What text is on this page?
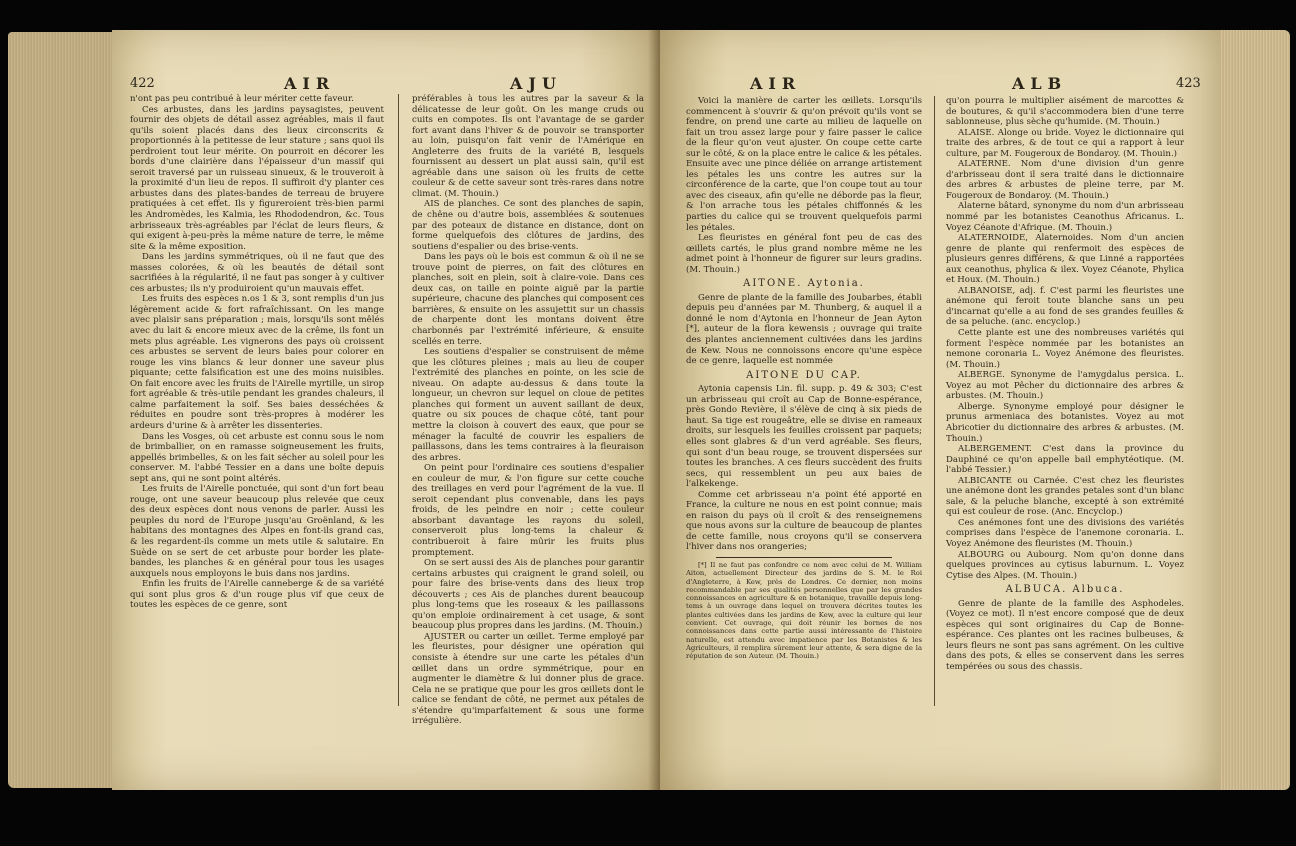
422	AIR	AJU

n'ont pas peu contribué à leur mériter cette faveur.

Ces arbustes, dans les jardins paysagistes, peuvent fournir des objets de détail assez agréables, mais il faut qu'ils soient placés dans des lieux circonscrits & proportionnés à la petitesse de leur stature ; sans quoi ils perdroient tout leur mérite. On pourroit en décorer les bords d'une clairière dans l'épaisseur d'un massif qui seroit traversé par un ruisseau sinueux, & le trouveroit à la proximité d'un lieu de repos. Il suffiroit d'y planter ces arbustes dans des plates-bandes de terreau de bruyere pratiquées à cet effet. Ils y figureroient très-bien parmi les Andromèdes, les Kalmia, les Rhododendron, &c. Tous arbrisseaux très-agréables par l'éclat de leurs fleurs, & qui exigent à-peu-près la même nature de terre, le même site & la même exposition.

Dans les jardins symmétriques, où il ne faut que des masses colorées, & où les beautés de détail sont sacrifiées à la régularité, il ne faut pas songer à y cultiver ces arbustes; ils n'y produiroient qu'un mauvais effet.

Les fruits des espèces n.os 1 & 3, sont remplis d'un jus légèrement acide & fort rafraîchissant. On les mange avec plaisir sans préparation ; mais, lorsqu'ils sont mêlés avec du lait & encore mieux avec de la crême, ils font un mets plus agréable. Les vignerons des pays où croissent ces arbustes se servent de leurs baies pour colorer en rouge les vins blancs & leur donner une saveur plus piquante; cette falsification est une des moins nuisibles. On fait encore avec les fruits de l'Airelle myrtille, un sirop fort agréable & très-utile pendant les grandes chaleurs, il calme parfaitement la soif. Ses baies desséchées & réduites en poudre sont très-propres à modérer les ardeurs d'urine & à arrêter les dissenteries.

Dans les Vosges, où cet arbuste est connu sous le nom de brimballier, on en ramasse soigneusement les fruits, appellés brimbelles, & on les fait sécher au soleil pour les conserver. M. l'abbé Tessier en a dans une boîte depuis sept ans, qui ne sont point altérés.

Les fruits de l'Airelle ponctuée, qui sont d'un fort beau rouge, ont une saveur beaucoup plus relevée que ceux des deux espèces dont nous venons de parler. Aussi les peuples du nord de l'Europe jusqu'au Groënland, & les habitans des montagnes des Alpes en font-ils grand cas, & les regardent-ils comme un mets utile & salutaire. En Suède on se sert de cet arbuste pour border les plate-bandes, les planches & en général pour tous les usages auxquels nous employons le buis dans nos jardins.

Enfin les fruits de l'Airelle canneberge & de sa variété qui sont plus gros & d'un rouge plus vif que ceux de toutes les espèces de ce genre, sont

préférables à tous les autres par la saveur & la délicatesse de leur goût. On les mange cruds ou cuits en compotes. Ils ont l'avantage de se garder fort avant dans l'hiver & de pouvoir se transporter au loin, puisqu'on fait venir de l'Amérique en Angleterre des fruits de la variété B, lesquels fournissent au dessert un plat aussi sain, qu'il est agréable dans une saison où les fruits de cette couleur & de cette saveur sont très-rares dans notre climat. (M. Thouin.)

AIS de planches. Ce sont des planches de sapin, de chêne ou d'autre bois, assemblées & soutenues par des poteaux de distance en distance, dont on forme quelquefois des clôtures de jardins, des soutiens d'espalier ou des brise-vents.

Dans les pays où le bois est commun & où il ne se trouve point de pierres, on fait des clôtures en planches, soit en plein, soit à claire-voie. Dans ces deux cas, on taille en pointe aiguë par la partie supérieure, chacune des planches qui composent ces barrières, & ensuite on les assujettit sur un chassis de charpente dont les montans doivent être charbonnés par l'extrémité inférieure, & ensuite scellés en terre.

Les soutiens d'espalier se construisent de même que les clôtures pleines ; mais au lieu de couper l'extrémité des planches en pointe, on les scie de niveau. On adapte au-dessus & dans toute la longueur, un chevron sur lequel on cloue de petites planches qui forment un auvent saillant de deux, quatre ou six pouces de chaque côté, tant pour mettre la cloison à couvert des eaux, que pour se ménager la faculté de couvrir les espaliers de paillassons, dans les tems contraires à la fleuraison des arbres.

On peint pour l'ordinaire ces soutiens d'espalier en couleur de mur, & l'on figure sur cette couche des treillages en verd pour l'agrément de la vue. Il seroit cependant plus convenable, dans les pays froids, de les peindre en noir ; cette couleur absorbant davantage les rayons du soleil, conserveroit plus long-tems la chaleur & contribueroit à faire mûrir les fruits plus promptement.

On se sert aussi des Ais de planches pour garantir certains arbustes qui craignent le grand soleil, ou pour faire des brise-vents dans des lieux trop découverts ; ces Ais de planches durent beaucoup plus long-tems que les roseaux & les paillassons qu'on emploie ordinairement à cet usage, & sont beaucoup plus propres dans les jardins. (M. Thouin.)

AJUSTER ou carter un œillet. Terme employé par les fleuristes, pour désigner une opération qui consiste à étendre sur une carte les pétales d'un œillet dans un ordre symmétrique, pour en augmenter le diamètre & lui donner plus de grace. Cela ne se pratique que pour les gros œillets dont le calice se fendant de côté, ne permet aux pétales de s'étendre qu'imparfaitement & sous une forme irrégulière.

AIR	ALB	423

Voici la manière de carter les œillets. Lorsqu'ils commencent à s'ouvrir & qu'on prévoit qu'ils vont se fendre, on prend une carte au milieu de laquelle on fait un trou assez large pour y faire passer le calice de la fleur qu'on veut ajuster. On coupe cette carte sur le côté, & on la place entre le calice & les pétales. Ensuite avec une pince déliée on arrange artistement les pétales les uns contre les autres sur la circonférence de la carte, que l'on coupe tout au tour avec des ciseaux, afin qu'elle ne déborde pas la fleur, & l'on arrache tous les pétales chiffonnés & les parties du calice qui se trouvent quelquefois parmi les pétales.

Les fleuristes en général font peu de cas des œillets cartés, le plus grand nombre même ne les admet point à l'honneur de figurer sur leurs gradins. (M. Thouin.)

AITONE. Aytonia.

Genre de plante de la famille des Joubarbes, établi depuis peu d'années par M. Thunberg, & auquel il a donné le nom d'Aytonia en l'honneur de Jean Ayton [*], auteur de la flora kewensis ; ouvrage qui traite des plantes anciennement cultivées dans les jardins de Kew. Nous ne connoissons encore qu'une espèce de ce genre, laquelle est nommée

AITONE DU CAP.

Aytonia capensis Lin. fil. supp. p. 49 & 303; C'est un arbrisseau qui croît au Cap de Bonne-espérance, près Gondo Revière, il s'élève de cinq à six pieds de haut. Sa tige est rougeâtre, elle se divise en rameaux droits, sur lesquels les feuilles croissent par paquets; elles sont glabres & d'un verd agréable. Ses fleurs, qui sont d'un beau rouge, se trouvent dispersées sur toutes les branches. A ces fleurs succèdent des fruits secs, qui ressemblent un peu aux baies de l'alkekenge.

Comme cet arbrisseau n'a point été apporté en France, la culture ne nous en est point connue; mais en raison du pays où il croît & des renseignemens que nous avons sur la culture de beaucoup de plantes de cette famille, nous croyons qu'il se conservera l'hiver dans nos orangeries;

[*] Il ne faut pas confondre ce nom avec celui de M. William Aiton, actuellement Directeur des jardins de S. M. le Roi d'Angleterre, à Kew, près de Londres. Ce dernier, non moins recommandable par ses qualités personnelles que par les grandes connoissances en agriculture & en botanique, travaille depuis long-tems à un ouvrage dans lequel on trouvera décrites toutes les plantes cultivées dans les jardins de Kew, avec la culture qui leur convient. Cet ouvrage, qui doit réunir les bornes de nos connoissances dans cette partie aussi intéressante de l'histoire naturelle, est attendu avec impatience par les Botanistes & les Agriculteurs, il remplira sûrement leur attente, & sera digne de la réputation de son Auteur. (M. Thouin.)

qu'on pourra le multiplier aisément de marcottes & de boutures, & qu'il s'accommodera bien d'une terre sablonneuse, plus sèche qu'humide. (M. Thouin.)

ALAISE. Alonge ou bride. Voyez le dictionnaire qui traite des arbres, & de tout ce qui a rapport à leur culture, par M. Fougeroux de Bondaroy. (M. Thouin.)

ALATERNE. Nom d'une division d'un genre d'arbrisseau dont il sera traité dans le dictionnaire des arbres & arbustes de pleine terre, par M. Fougeroux de Bondaroy. (M. Thouin.)

Alaterne bâtard, synonyme du nom d'un arbrisseau nommé par les botanistes Ceanothus Africanus. L. Voyez Céanote d'Afrique. (M. Thouin.)

ALATERNOIDE, Alaternoides. Nom d'un ancien genre de plante qui renfermoit des espèces de plusieurs genres différens, & que Linné a rapportées aux ceanothus, phylica & ilex. Voyez Céanote, Phylica et Houx. (M. Thouin.)

ALBANOISE, adj. f. C'est parmi les fleuristes une anémone qui feroit toute blanche sans un peu d'incarnat qu'elle a au fond de ses grandes feuilles & de sa peluche. (anc. encyclop.)

Cette plante est une des nombreuses variétés qui forment l'espèce nommée par les botanistes an nemone coronaria L. Voyez Anémone des fleuristes. (M. Thouin.)

ALBERGE. Synonyme de l'amygdalus persica. L. Voyez au mot Pêcher du dictionnaire des arbres & arbustes. (M. Thouin.)

Alberge. Synonyme employé pour désigner le prunus armeniaca des botanistes. Voyez au mot Abricotier du dictionnaire des arbres & arbustes. (M. Thouin.)

ALBERGEMENT. C'est dans la province du Dauphiné ce qu'on appelle bail emphytéotique. (M. l'abbé Tessier.)

ALBICANTE ou Carnée. C'est chez les fleuristes une anémone dont les grandes petales sont d'un blanc sale, & la peluche blanche, excepté à son extrémité qui est couleur de rose. (Anc. Encyclop.)

Ces anémones font une des divisions des variétés comprises dans l'espèce de l'anemone coronaria. L. Voyez Anémone des fleuristes (M. Thouin.)

ALBOURG ou Aubourg. Nom qu'on donne dans quelques provinces au cytisus laburnum. L. Voyez Cytise des Alpes. (M. Thouin.)

ALBUCA. Albuca.

Genre de plante de la famille des Asphodeles. (Voyez ce mot). Il n'est encore composé que de deux espèces qui sont originaires du Cap de Bonne-espérance. Ces plantes ont les racines bulbeuses, & leurs fleurs ne sont pas sans agrément. On les cultive dans des pots, & elles se conservent dans les serres tempérées ou sous des chassis.
